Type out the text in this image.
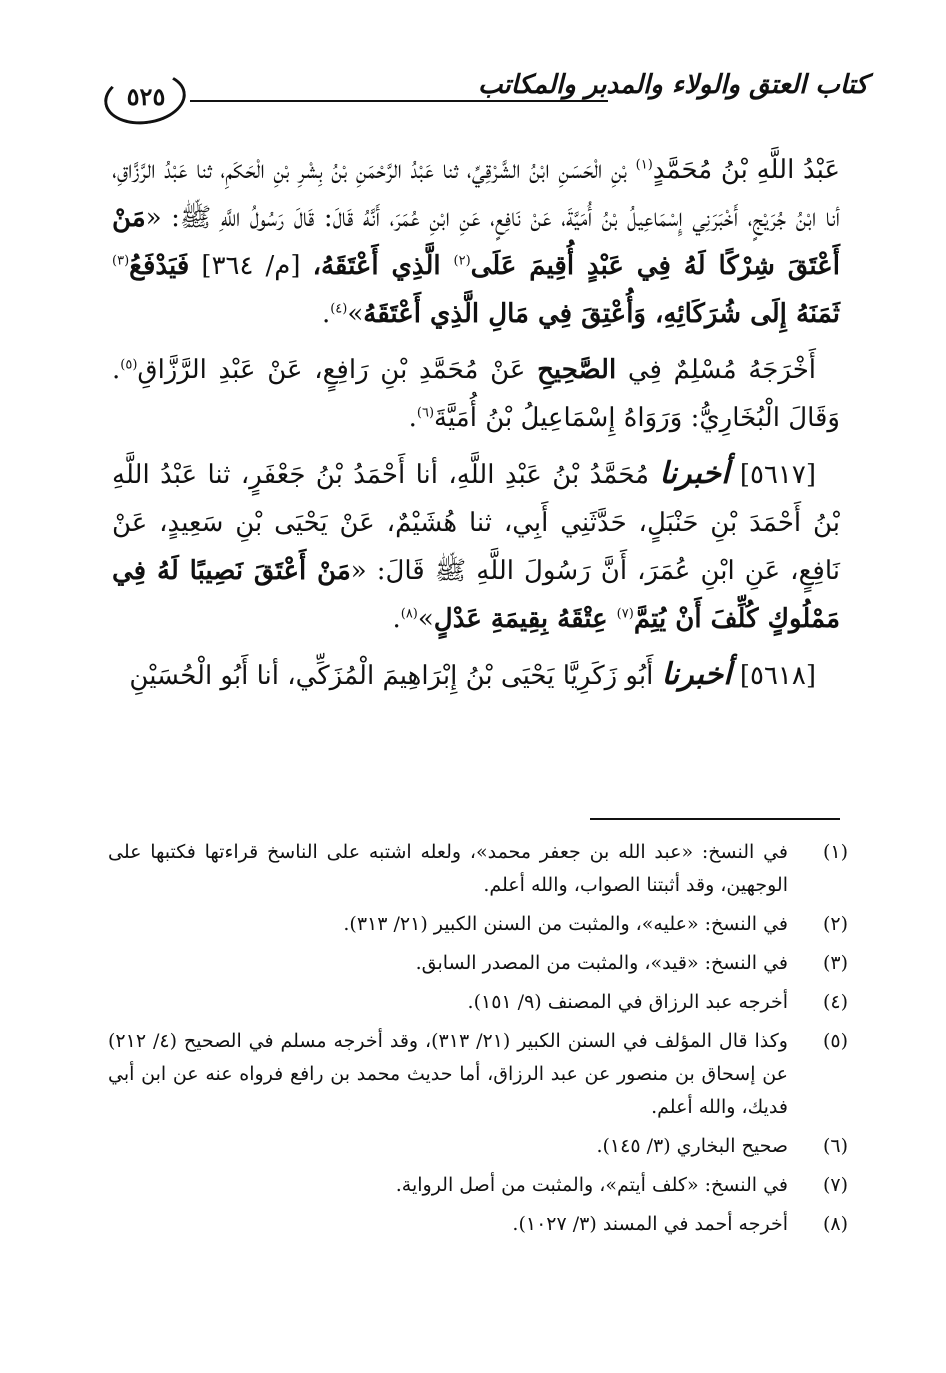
كتاب العتق والولاء والمدبر والمكاتب
٥٢٥

عَبْدُ اللَّهِ بْنُ مُحَمَّدٍ$^{(١)}$ بْنِ الْحَسَنِ ابْنُ الشَّرْقِيِّ، ثنا عَبْدُ الرَّحْمَنِ بْنُ بِشْرِ بْنِ الْحَكَمِ، ثنا عَبْدُ الرَّزَّاقِ، أنا ابْنُ جُرَيْجٍ، أَخْبَرَنِي إِسْمَاعِيلُ بْنُ أُمَيَّةَ، عَنْ نَافِعٍ، عَنِ ابْنِ عُمَرَ، أَنَّهُ قَالَ: قَالَ رَسُولُ اللَّهِ ﷺ: «مَنْ أَعْتَقَ شِرْكًا لَهُ فِي عَبْدٍ أُقِيمَ عَلَى$^{(٢)}$ الَّذِي أَعْتَقَهُ، [م/ ٣٦٤] فَيَدْفَعُ$^{(٣)}$ ثَمَنَهُ إِلَى شُرَكَائِهِ، وَأُعْتِقَ فِي مَالِ الَّذِي أَعْتَقَهُ»$^{(٤)}$.

أَخْرَجَهُ مُسْلِمٌ فِي الصَّحِيحِ عَنْ مُحَمَّدِ بْنِ رَافِعٍ، عَنْ عَبْدِ الرَّزَّاقِ$^{(٥)}$. وَقَالَ الْبُخَارِيُّ: وَرَوَاهُ إِسْمَاعِيلُ بْنُ أُمَيَّةَ$^{(٦)}$.

[٥٦١٧] أخبرنا مُحَمَّدُ بْنُ عَبْدِ اللَّهِ، أنا أَحْمَدُ بْنُ جَعْفَرٍ، ثنا عَبْدُ اللَّهِ بْنُ أَحْمَدَ بْنِ حَنْبَلٍ، حَدَّثَنِي أَبِي، ثنا هُشَيْمٌ، عَنْ يَحْيَى بْنِ سَعِيدٍ، عَنْ نَافِعٍ، عَنِ ابْنِ عُمَرَ، أَنَّ رَسُولَ اللَّهِ ﷺ قَالَ: «مَنْ أَعْتَقَ نَصِيبًا لَهُ فِي مَمْلُوكٍ كُلِّفَ أَنْ يُتِمَّ$^{(٧)}$ عِتْقَهُ بِقِيمَةِ عَدْلٍ»$^{(٨)}$.

[٥٦١٨] أخبرنا أَبُو زَكَرِيَّا يَحْيَى بْنُ إِبْرَاهِيمَ الْمُزَكِّي، أنا أَبُو الْحُسَيْنِ

(١)
في النسخ: «عبد الله بن جعفر محمد»، ولعله اشتبه على الناسخ قراءتها فكتبها على الوجهين، وقد أثبتنا الصواب، والله أعلم.
(٢)
في النسخ: «عليه»، والمثبت من السنن الكبير (٢١/ ٣١٣).
(٣)
في النسخ: «قيد»، والمثبت من المصدر السابق.
(٤)
أخرجه عبد الرزاق في المصنف (٩/ ١٥١).
(٥)
وكذا قال المؤلف في السنن الكبير (٢١/ ٣١٣)، وقد أخرجه مسلم في الصحيح (٤/ ٢١٢) عن إسحاق بن منصور عن عبد الرزاق، أما حديث محمد بن رافع فرواه عنه عن ابن أبي فديك، والله أعلم.
(٦)
صحيح البخاري (٣/ ١٤٥).
(٧)
في النسخ: «كلف أيتم»، والمثبت من أصل الرواية.
(٨)
أخرجه أحمد في المسند (٣/ ١٠٢٧).
